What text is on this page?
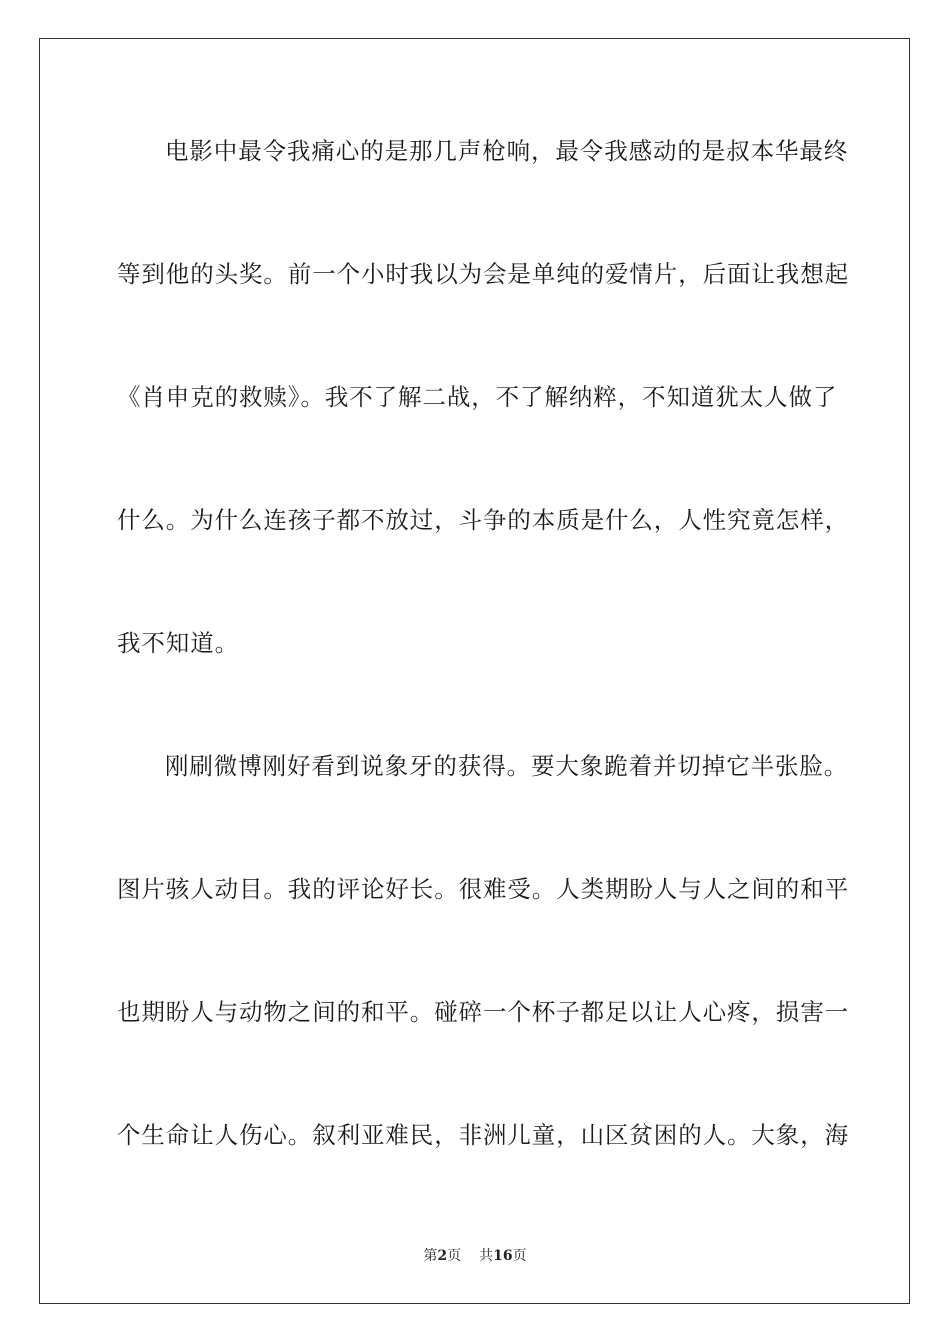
电影中最令我痛心的是那几声枪响，最令我感动的是叔本华最终
等到他的头奖。前一个小时我以为会是单纯的爱情片，后面让我想起
《肖申克的救赎》。我不了解二战，不了解纳粹，不知道犹太人做了
什么。为什么连孩子都不放过，斗争的本质是什么，人性究竟怎样，
我不知道。
刚刷微博刚好看到说象牙的获得。要大象跪着并切掉它半张脸。
图片骇人动目。我的评论好长。很难受。人类期盼人与人之间的和平
也期盼人与动物之间的和平。碰碎一个杯子都足以让人心疼，损害一
个生命让人伤心。叙利亚难民，非洲儿童，山区贫困的人。大象，海
第2页 共16页
